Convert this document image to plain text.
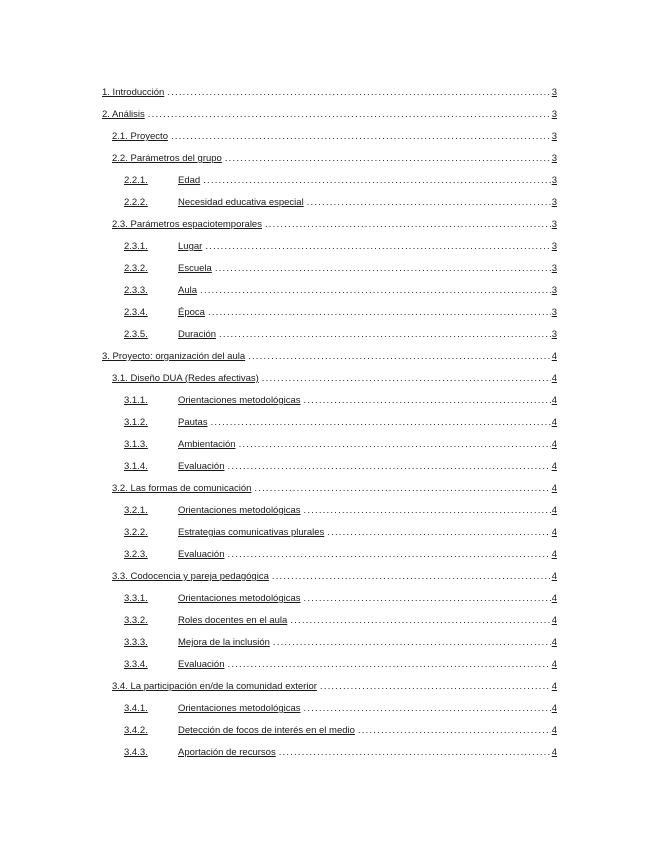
1. Introducción .....	3
2. Análisis .....	3
2.1. Proyecto .....	3
2.2. Parámetros del grupo .....	3
2.2.1.	Edad .....	3
2.2.2.	Necesidad educativa especial .....	3
2.3. Parámetros espaciotemporales .....	3
2.3.1.	Lugar .....	3
2.3.2.	Escuela .....	3
2.3.3.	Aula .....	3
2.3.4.	Época .....	3
2.3.5.	Duración .....	3
3. Proyecto: organización del aula .....	4
3.1. Diseño DUA (Redes afectivas) .....	4
3.1.1.	Orientaciones metodológicas .....	4
3.1.2.	Pautas .....	4
3.1.3.	Ambientación .....	4
3.1.4.	Evaluación .....	4
3.2. Las formas de comunicación .....	4
3.2.1.	Orientaciones metodológicas .....	4
3.2.2.	Estrategias comunicativas plurales .....	4
3.2.3.	Evaluación .....	4
3.3. Codocencia y pareja pedagógica .....	4
3.3.1.	Orientaciones metodológicas .....	4
3.3.2.	Roles docentes en el aula .....	4
3.3.3.	Mejora de la inclusión .....	4
3.3.4.	Evaluación .....	4
3.4. La participación en/de la comunidad exterior .....	4
3.4.1.	Orientaciones metodológicas .....	4
3.4.2.	Detección de focos de interés en el medio .....	4
3.4.3.	Aportación de recursos .....	4
